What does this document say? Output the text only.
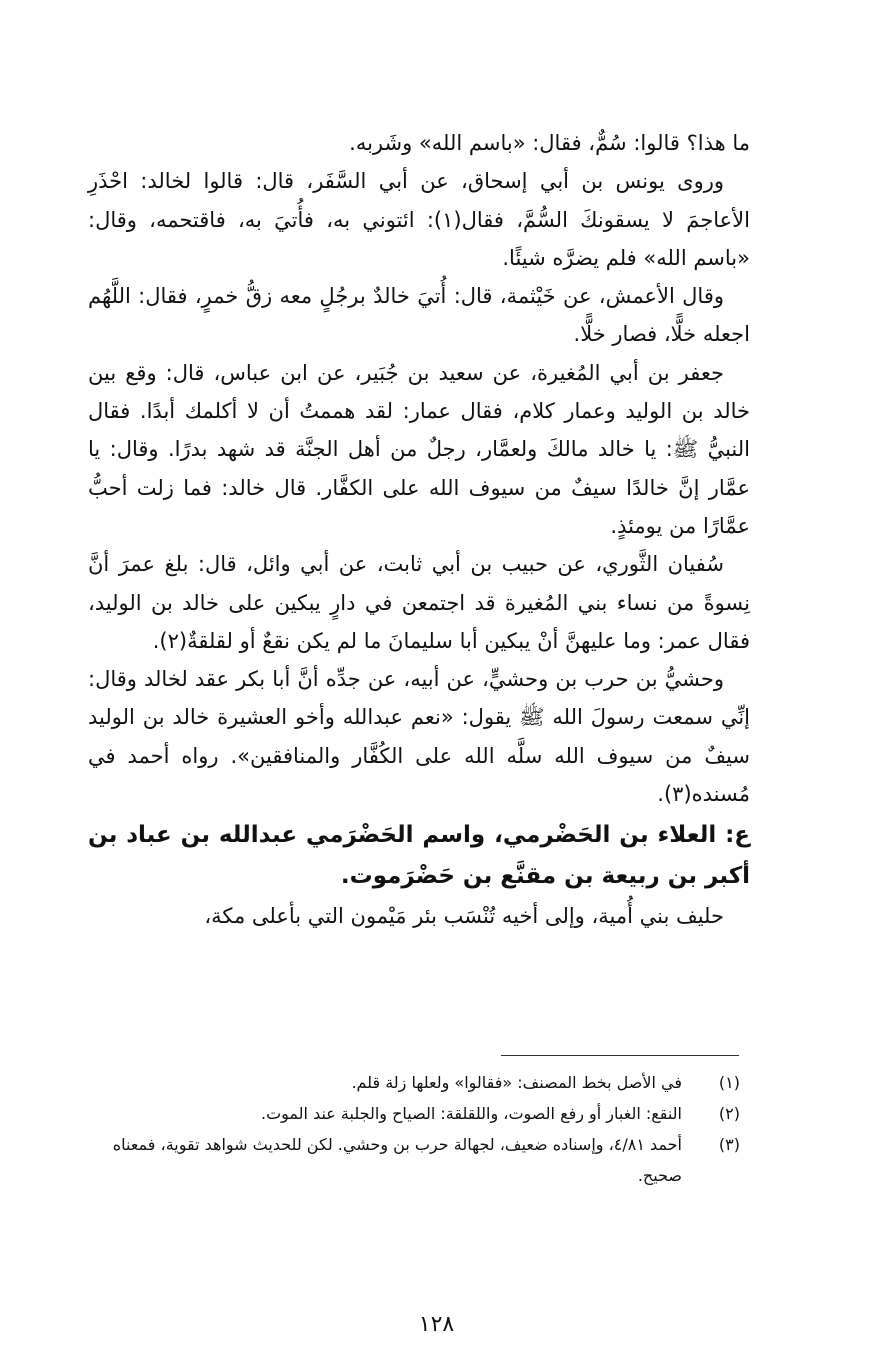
ما هذا؟ قالوا: سُمٌّ، فقال: «باسم الله» وشَربه.

وروى يونس بن أبي إسحاق، عن أبي السَّفَر، قال: قالوا لخالد: احْذَرِ الأعاجمَ لا يسقونكَ السُّمَّ، فقال(١): ائتوني به، فأُتيَ به، فاقتحمه، وقال: «باسم الله» فلم يضرَّه شيئًا.

وقال الأعمش، عن خَيْثمة، قال: أُتيَ خالدٌ برجُلٍ معه زقُّ خمرٍ، فقال: اللَّهُم اجعله خلًّا، فصار خلًّا.

جعفر بن أبي المُغيرة، عن سعيد بن جُبَير، عن ابن عباس، قال: وقع بين خالد بن الوليد وعمار كلام، فقال عمار: لقد هممتُ أن لا أكلمك أبدًا. فقال النبيُّ ﷺ: يا خالد مالكَ ولعمَّار، رجلٌ من أهل الجنَّة قد شهد بدرًا. وقال: يا عمَّار إنَّ خالدًا سيفٌ من سيوف الله على الكفَّار. قال خالد: فما زلت أحبُّ عمَّارًا من يومئذٍ.

سُفيان الثَّوري، عن حبيب بن أبي ثابت، عن أبي وائل، قال: بلغ عمرَ أنَّ نِسوةً من نساء بني المُغيرة قد اجتمعن في دارٍ يبكين على خالد بن الوليد، فقال عمر: وما عليهنَّ أنْ يبكين أبا سليمانَ ما لم يكن نقعٌ أو لقلقةٌ(٢).

وحشيُّ بن حرب بن وحشيٍّ، عن أبيه، عن جدِّه أنَّ أبا بكر عقد لخالد وقال: إنِّي سمعت رسولَ الله ﷺ يقول: «نعم عبدالله وأخو العشيرة خالد بن الوليد سيفٌ من سيوف الله سلَّه الله على الكُفَّار والمنافقين». رواه أحمد في مُسنده(٣).

ع: العلاء بن الحَضْرمي، واسم الحَضْرَمي عبدالله بن عباد بن أكبر بن ربيعة بن مقنَّع بن حَضْرَموت.

حليف بني أُمية، وإلى أخيه تُنْسَب بئر مَيْمون التي بأعلى مكة،

(١)
في الأصل بخط المصنف: «فقالوا» ولعلها زلة قلم.
(٢)
النقع: الغبار أو رفع الصوت، واللقلقة: الصياح والجلبة عند الموت.
(٣)
أحمد ٤/٨١، وإسناده ضعيف، لجهالة حرب بن وحشي. لكن للحديث شواهد تقوية، فمعناه صحيح.
١٢٨
